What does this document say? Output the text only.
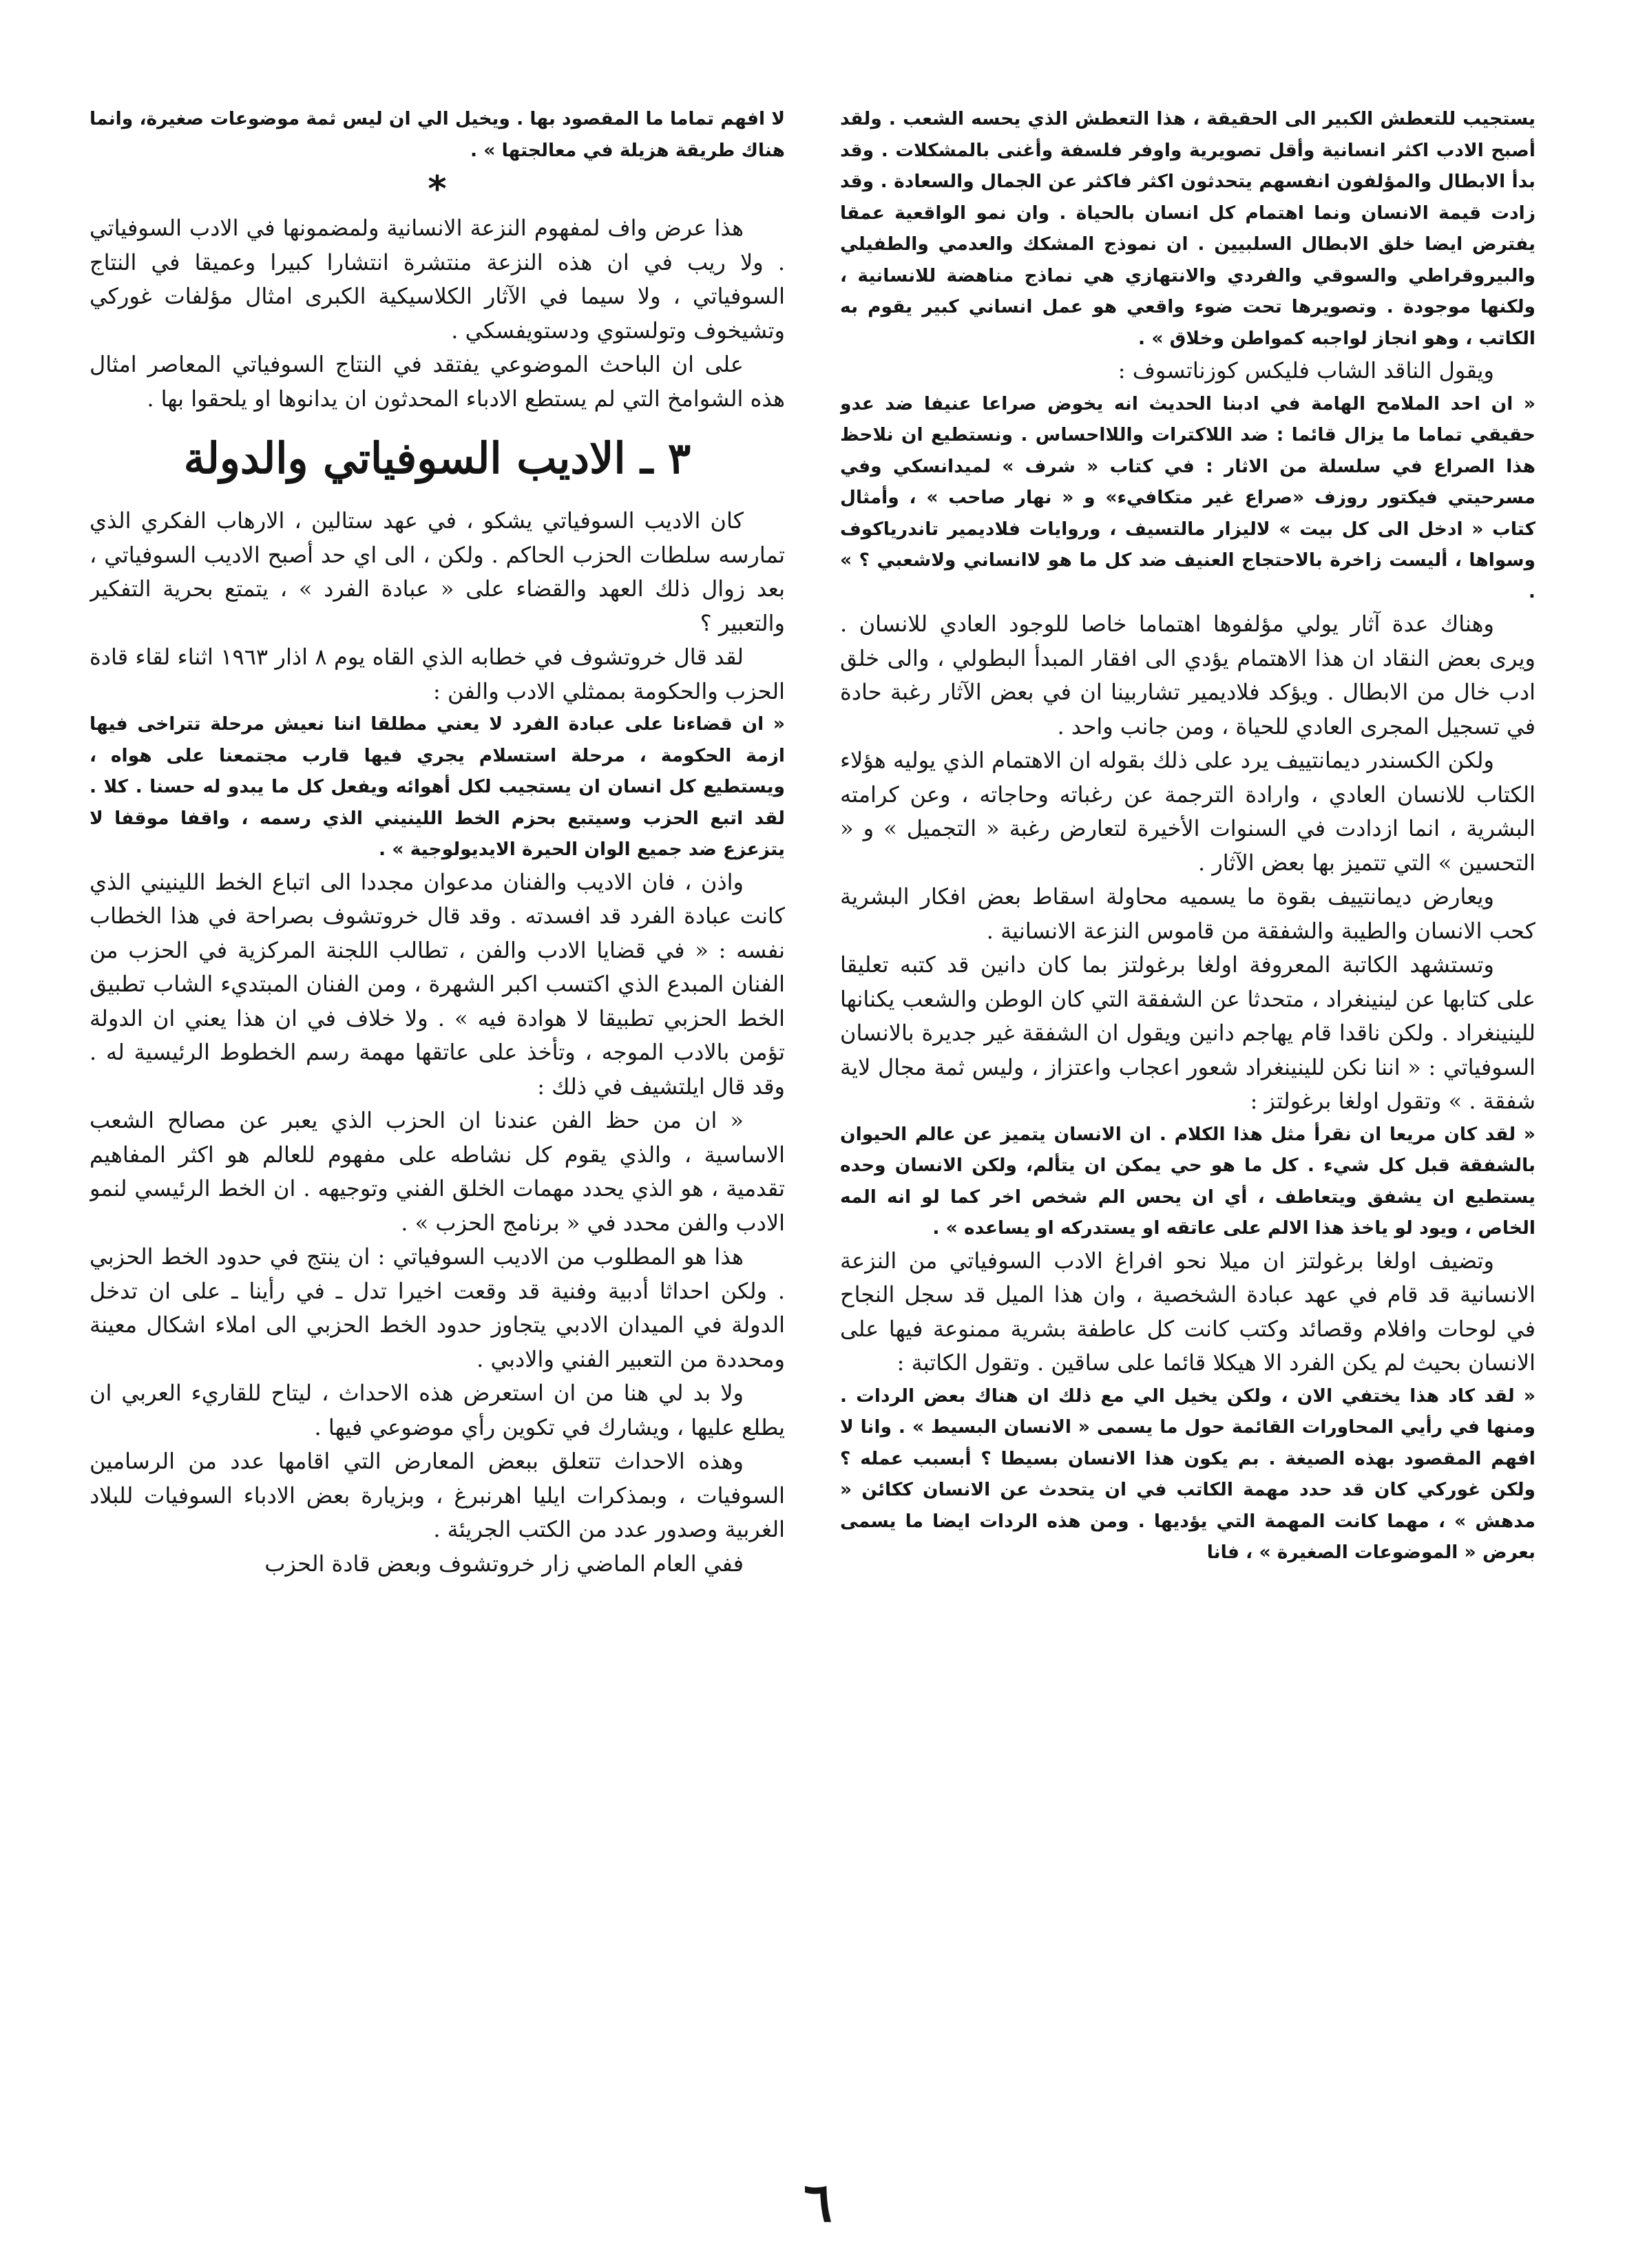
يستجيب للتعطش الكبير الى الحقيقة ، هذا التعطش الذي يحسه الشعب . ولقد أصبح الادب اكثر انسانية وأقل تصويرية واوفر فلسفة وأغنى بالمشكلات . وقد بدأ الابطال والمؤلفون انفسهم يتحدثون اكثر فاكثر عن الجمال والسعادة . وقد زادت قيمة الانسان ونما اهتمام كل انسان بالحياة . وان نمو الواقعية عمقا يفترض ايضا خلق الابطال السلبيين . ان نموذج المشكك والعدمي والطفيلي والبيروقراطي والسوقي والفردي والانتهازي هي نماذج مناهضة للانسانية ، ولكنها موجودة . وتصويرها تحت ضوء واقعي هو عمل انساني كبير يقوم به الكاتب ، وهو انجاز لواجبه كمواطن وخلاق » .

ويقول الناقد الشاب فليكس كوزناتسوف :

« ان احد الملامح الهامة في ادبنا الحديث انه يخوض صراعا عنيفا ضد عدو حقيقي تماما ما يزال قائما : ضد اللاكترات واللااحساس . ونستطيع ان نلاحظ هذا الصراع في سلسلة من الاثار : في كتاب « شرف » لميدانسكي وفي مسرحيتي فيكتور روزف «صراع غير متكافيء» و « نهار صاحب » ، وأمثال كتاب « ادخل الى كل بيت » لاليزار مالتسيف ، وروايات فلاديمير تاندرياكوف وسواها ، أليست زاخرة بالاحتجاج العنيف ضد كل ما هو لاانساني ولاشعبي ؟ » .

وهناك عدة آثار يولي مؤلفوها اهتماما خاصا للوجود العادي للانسان . ويرى بعض النقاد ان هذا الاهتمام يؤدي الى افقار المبدأ البطولي ، والى خلق ادب خال من الابطال . ويؤكد فلاديمير تشاربينا ان في بعض الآثار رغبة حادة في تسجيل المجرى العادي للحياة ، ومن جانب واحد .

ولكن الكسندر ديمانتييف يرد على ذلك بقوله ان الاهتمام الذي يوليه هؤلاء الكتاب للانسان العادي ، وارادة الترجمة عن رغباته وحاجاته ، وعن كرامته البشرية ، انما ازدادت في السنوات الأخيرة لتعارض رغبة « التجميل » و « التحسين » التي تتميز بها بعض الآثار .

ويعارض ديمانتييف بقوة ما يسميه محاولة اسقاط بعض افكار البشرية كحب الانسان والطيبة والشفقة من قاموس النزعة الانسانية .

وتستشهد الكاتبة المعروفة اولغا برغولتز بما كان دانين قد كتبه تعليقا على كتابها عن لينينغراد ، متحدثا عن الشفقة التي كان الوطن والشعب يكنانها للينينغراد . ولكن ناقدا قام يهاجم دانين ويقول ان الشفقة غير جديرة بالانسان السوفياتي : « اننا نكن للينينغراد شعور اعجاب واعتزاز ، وليس ثمة مجال لاية شفقة . » وتقول اولغا برغولتز :

« لقد كان مريعا ان نقرأ مثل هذا الكلام . ان الانسان يتميز عن عالم الحيوان بالشفقة قبل كل شيء . كل ما هو حي يمكن ان يتألم، ولكن الانسان وحده يستطيع ان يشفق ويتعاطف ، أي ان يحس الم شخص اخر كما لو انه المه الخاص ، ويود لو ياخذ هذا الالم على عاتقه او يستدركه او يساعده » .

وتضيف اولغا برغولتز ان ميلا نحو افراغ الادب السوفياتي من النزعة الانسانية قد قام في عهد عبادة الشخصية ، وان هذا الميل قد سجل النجاح في لوحات وافلام وقصائد وكتب كانت كل عاطفة بشرية ممنوعة فيها على الانسان بحيث لم يكن الفرد الا هيكلا قائما على ساقين . وتقول الكاتبة :

« لقد كاد هذا يختفي الان ، ولكن يخيل الي مع ذلك ان هناك بعض الردات . ومنها في رأيي المحاورات القائمة حول ما يسمى « الانسان البسيط » . وانا لا افهم المقصود بهذه الصيغة . بم يكون هذا الانسان بسيطا ؟ أبسبب عمله ؟ ولكن غوركي كان قد حدد مهمة الكاتب في ان يتحدث عن الانسان ككائن « مدهش » ، مهما كانت المهمة التي يؤديها . ومن هذه الردات ايضا ما يسمى بعرض « الموضوعات الصغيرة » ، فانا

لا افهم تماما ما المقصود بها . ويخيل الي ان ليس ثمة موضوعات صغيرة، وانما هناك طريقة هزيلة في معالجتها » .

*

هذا عرض واف لمفهوم النزعة الانسانية ولمضمونها في الادب السوفياتي . ولا ريب في ان هذه النزعة منتشرة انتشارا كبيرا وعميقا في النتاج السوفياتي ، ولا سيما في الآثار الكلاسيكية الكبرى امثال مؤلفات غوركي وتشيخوف وتولستوي ودستويفسكي .

على ان الباحث الموضوعي يفتقد في النتاج السوفياتي المعاصر امثال هذه الشوامخ التي لم يستطع الادباء المحدثون ان يدانوها او يلحقوا بها .

٣ ـ الاديب السوفياتي والدولة

كان الاديب السوفياتي يشكو ، في عهد ستالين ، الارهاب الفكري الذي تمارسه سلطات الحزب الحاكم . ولكن ، الى اي حد أصبح الاديب السوفياتي ، بعد زوال ذلك العهد والقضاء على « عبادة الفرد » ، يتمتع بحرية التفكير والتعبير ؟

لقد قال خروتشوف في خطابه الذي القاه يوم ٨ اذار ١٩٦٣ اثناء لقاء قادة الحزب والحكومة بممثلي الادب والفن :

« ان قضاءنا على عبادة الفرد لا يعني مطلقا اننا نعيش مرحلة تتراخى فيها ازمة الحكومة ، مرحلة استسلام يجري فيها قارب مجتمعنا على هواه ، ويستطيع كل انسان ان يستجيب لكل أهوائه ويفعل كل ما يبدو له حسنا . كلا . لقد اتبع الحزب وسيتبع بحزم الخط اللينيني الذي رسمه ، واقفا موقفا لا يتزعزع ضد جميع الوان الحيرة الايديولوجية » .

واذن ، فان الاديب والفنان مدعوان مجددا الى اتباع الخط اللينيني الذي كانت عبادة الفرد قد افسدته . وقد قال خروتشوف بصراحة في هذا الخطاب نفسه : « في قضايا الادب والفن ، تطالب اللجنة المركزية في الحزب من الفنان المبدع الذي اكتسب اكبر الشهرة ، ومن الفنان المبتديء الشاب تطبيق الخط الحزبي تطبيقا لا هوادة فيه » . ولا خلاف في ان هذا يعني ان الدولة تؤمن بالادب الموجه ، وتأخذ على عاتقها مهمة رسم الخطوط الرئيسية له . وقد قال ايلتشيف في ذلك :

« ان من حظ الفن عندنا ان الحزب الذي يعبر عن مصالح الشعب الاساسية ، والذي يقوم كل نشاطه على مفهوم للعالم هو اكثر المفاهيم تقدمية ، هو الذي يحدد مهمات الخلق الفني وتوجيهه . ان الخط الرئيسي لنمو الادب والفن محدد في « برنامج الحزب » .

هذا هو المطلوب من الاديب السوفياتي : ان ينتج في حدود الخط الحزبي . ولكن احداثا أدبية وفنية قد وقعت اخيرا تدل ـ في رأينا ـ على ان تدخل الدولة في الميدان الادبي يتجاوز حدود الخط الحزبي الى املاء اشكال معينة ومحددة من التعبير الفني والادبي .

ولا بد لي هنا من ان استعرض هذه الاحداث ، ليتاح للقاريء العربي ان يطلع عليها ، ويشارك في تكوين رأي موضوعي فيها .

وهذه الاحداث تتعلق ببعض المعارض التي اقامها عدد من الرسامين السوفيات ، وبمذكرات ايليا اهرنبرغ ، وبزيارة بعض الادباء السوفيات للبلاد الغربية وصدور عدد من الكتب الجريئة .

ففي العام الماضي زار خروتشوف وبعض قادة الحزب

٦
